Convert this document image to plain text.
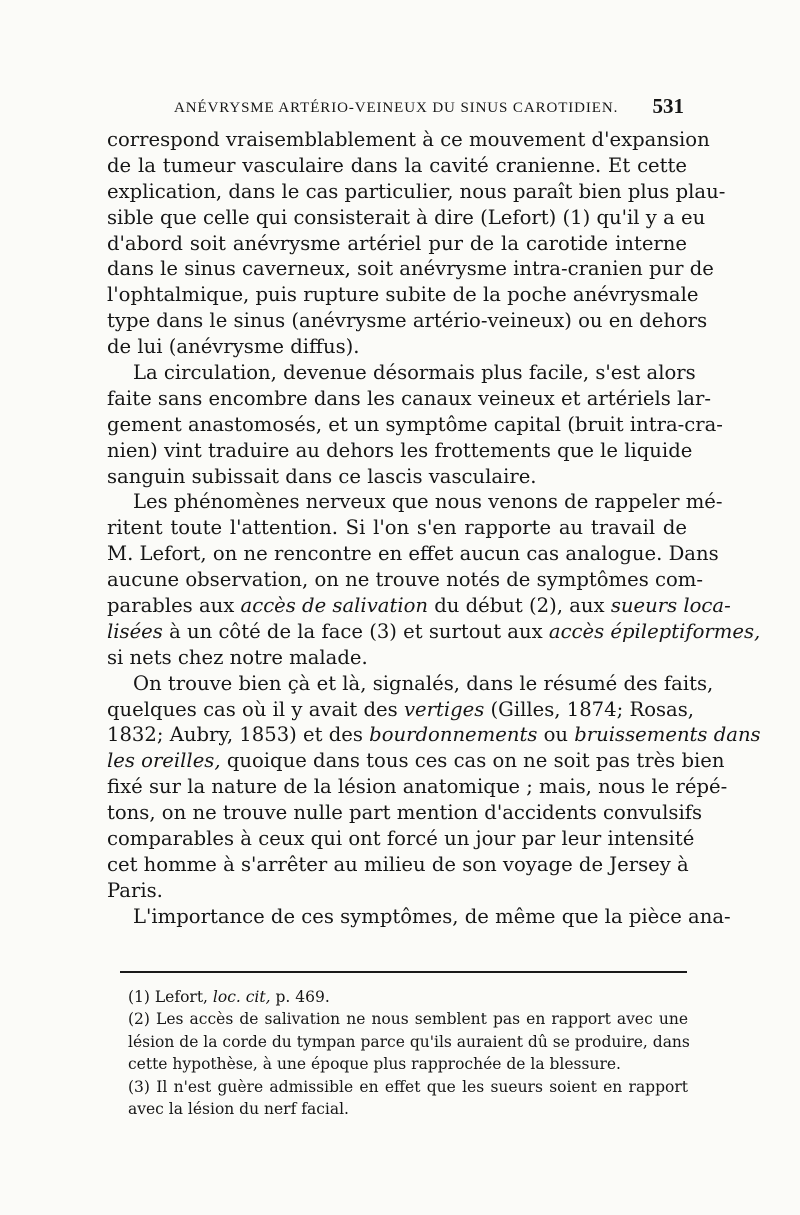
ANÉVRYSME ARTÉRIO-VEINEUX DU SINUS CAROTIDIEN. 531
correspond vraisemblablement à ce mouvement d'expansion
de la tumeur vasculaire dans la cavité cranienne. Et cette
explication, dans le cas particulier, nous paraît bien plus plau-
sible que celle qui consisterait à dire (Lefort) (1) qu'il y a eu
d'abord soit anévrysme artériel pur de la carotide interne
dans le sinus caverneux, soit anévrysme intra-cranien pur de
l'ophtalmique, puis rupture subite de la poche anévrysmale
type dans le sinus (anévrysme artério-veineux) ou en dehors
de lui (anévrysme diffus).
La circulation, devenue désormais plus facile, s'est alors
faite sans encombre dans les canaux veineux et artériels lar-
gement anastomosés, et un symptôme capital (bruit intra-cra-
nien) vint traduire au dehors les frottements que le liquide
sanguin subissait dans ce lascis vasculaire.
Les phénomènes nerveux que nous venons de rappeler mé-
ritent toute l'attention. Si l'on s'en rapporte au travail de
M. Lefort, on ne rencontre en effet aucun cas analogue. Dans
aucune observation, on ne trouve notés de symptômes com-
parables aux accès de salivation du début (2), aux sueurs loca-
lisées à un côté de la face (3) et surtout aux accès épileptiformes,
si nets chez notre malade.
On trouve bien çà et là, signalés, dans le résumé des faits,
quelques cas où il y avait des vertiges (Gilles, 1874; Rosas,
1832; Aubry, 1853) et des bourdonnements ou bruissements dans
les oreilles, quoique dans tous ces cas on ne soit pas très bien
fixé sur la nature de la lésion anatomique ; mais, nous le répé-
tons, on ne trouve nulle part mention d'accidents convulsifs
comparables à ceux qui ont forcé un jour par leur intensité
cet homme à s'arrêter au milieu de son voyage de Jersey à
Paris.
L'importance de ces symptômes, de même que la pièce ana-
(1) Lefort, loc. cit, p. 469.
(2) Les accès de salivation ne nous semblent pas en rapport avec une
lésion de la corde du tympan parce qu'ils auraient dû se produire, dans
cette hypothèse, à une époque plus rapprochée de la blessure.
(3) Il n'est guère admissible en effet que les sueurs soient en rapport
avec la lésion du nerf facial.
